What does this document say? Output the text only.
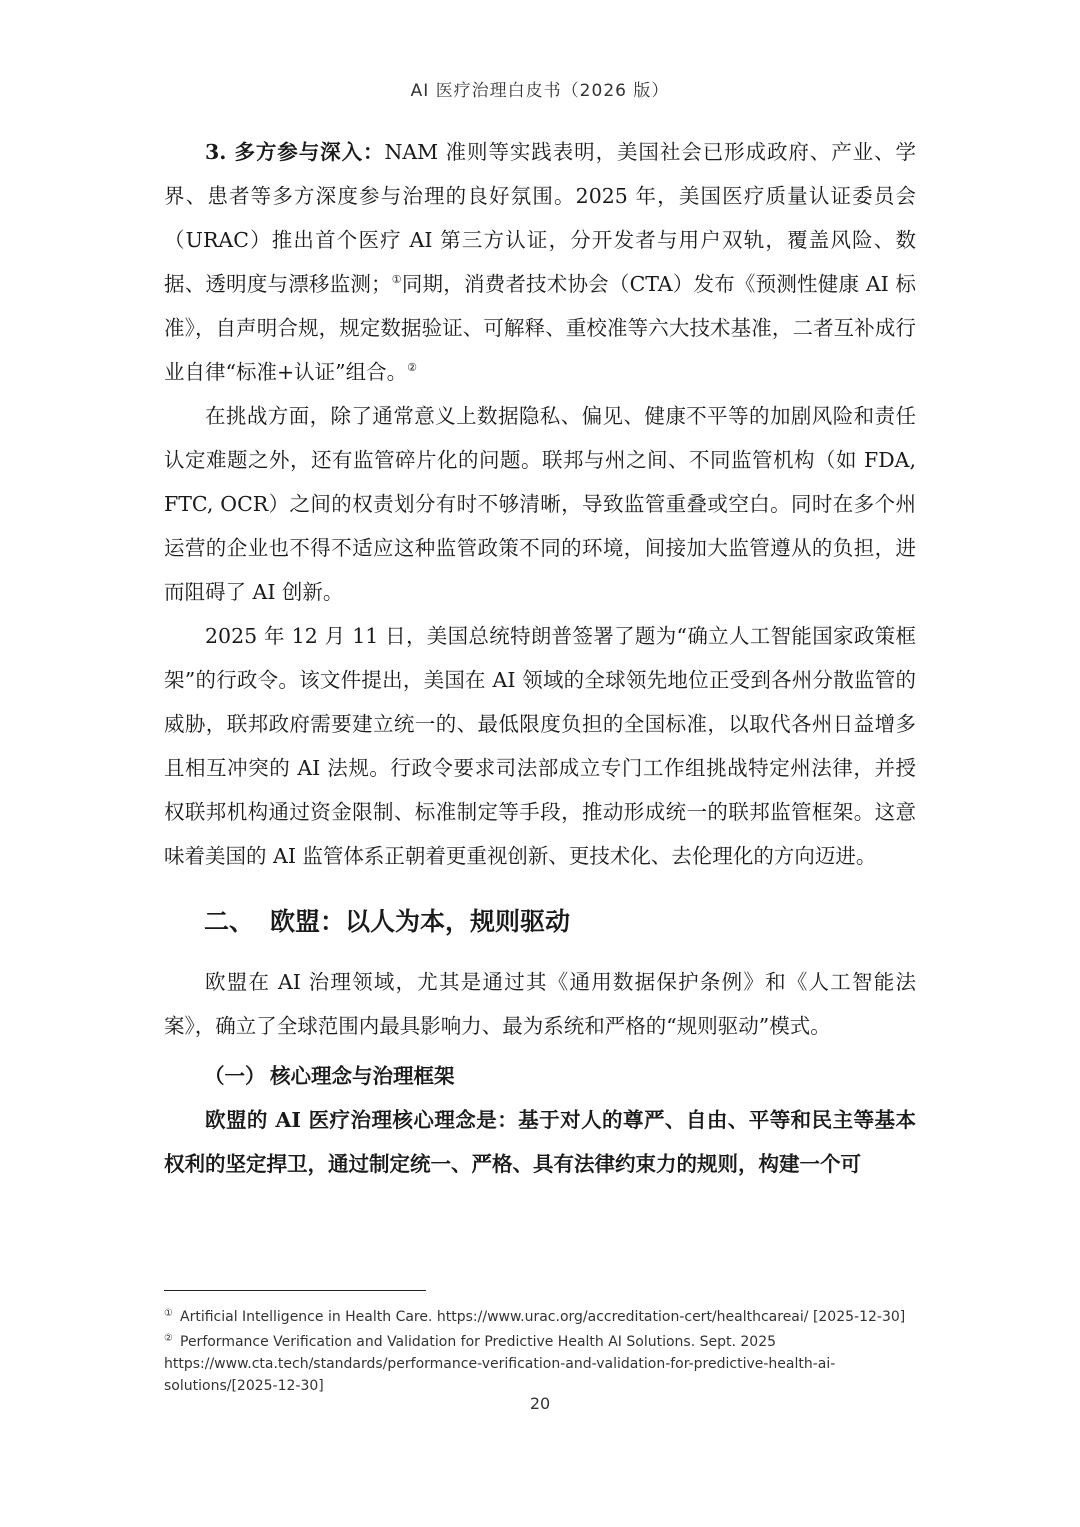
AI 医疗治理白皮书（2026 版）

3. 多方参与深入：NAM 准则等实践表明，美国社会已形成政府、产业、学界、患者等多方深度参与治理的良好氛围。2025 年，美国医疗质量认证委员会（URAC）推出首个医疗 AI 第三方认证，分开发者与用户双轨，覆盖风险、数据、透明度与漂移监测；①同期，消费者技术协会（CTA）发布《预测性健康 AI 标准》，自声明合规，规定数据验证、可解释、重校准等六大技术基准，二者互补成行业自律“标准+认证”组合。②

在挑战方面，除了通常意义上数据隐私、偏见、健康不平等的加剧风险和责任认定难题之外，还有监管碎片化的问题。联邦与州之间、不同监管机构（如 FDA, FTC, OCR）之间的权责划分有时不够清晰，导致监管重叠或空白。同时在多个州运营的企业也不得不适应这种监管政策不同的环境，间接加大监管遵从的负担，进而阻碍了 AI 创新。

2025 年 12 月 11 日，美国总统特朗普签署了题为“确立人工智能国家政策框架”的行政令。该文件提出，美国在 AI 领域的全球领先地位正受到各州分散监管的威胁，联邦政府需要建立统一的、最低限度负担的全国标准，以取代各州日益增多且相互冲突的 AI 法规。行政令要求司法部成立专门工作组挑战特定州法律，并授权联邦机构通过资金限制、标准制定等手段，推动形成统一的联邦监管框架。这意味着美国的 AI 监管体系正朝着更重视创新、更技术化、去伦理化的方向迈进。

二、 欧盟：以人为本，规则驱动

欧盟在 AI 治理领域，尤其是通过其《通用数据保护条例》和《人工智能法案》，确立了全球范围内最具影响力、最为系统和严格的“规则驱动”模式。

（一） 核心理念与治理框架

欧盟的 AI 医疗治理核心理念是：基于对人的尊严、自由、平等和民主等基本权利的坚定捍卫，通过制定统一、严格、具有法律约束力的规则，构建一个可

① Artificial Intelligence in Health Care. https://www.urac.org/accreditation-cert/healthcareai/ [2025-12-30]

② Performance Verification and Validation for Predictive Health AI Solutions. Sept. 2025 https://www.cta.tech/standards/performance-verification-and-validation-for-predictive-health-ai-solutions/[2025-12-30]

20
